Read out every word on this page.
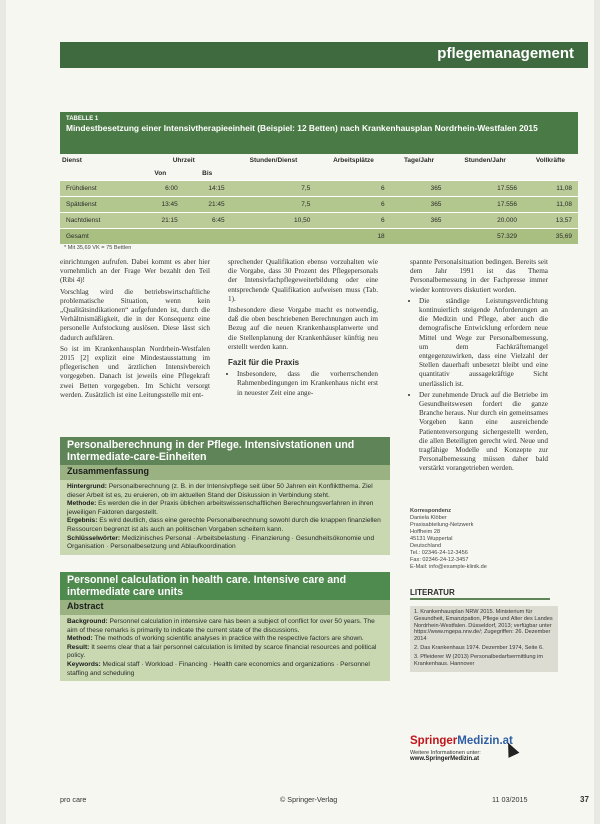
pflegemanagement
TABELLE 1
Mindestbesetzung einer Intensivtherapieeinheit (Beispiel: 12 Betten) nach Krankenhausplan Nordrhein-Westfalen 2015
Dienst	Uhrzeit		Stunden/Dienst	Arbeitsplätze	Tage/Jahr	Stunden/Jahr	Vollkräfte
	Von	Bis					
Frühdienst	6:00	14:15	7,5	6	365	17.556	11,08
Spätdienst	13:45	21:45	7,5	6	365	17.556	11,08
Nachtdienst	21:15	6:45	10,50	6	365	20.000	13,57
Gesamt				18		57.329	35,69
* Mit 35,69 VK = 75 Bettlen

einrichtungen aufrufen. Dabei kommt es aber hier vornehmlich an der Frage Wer bezahlt den Teil (Ribi 4)!

Vorschlag wird die betriebswirtschaftliche problematische Situation, wenn kein „Qualitätsindikationen“ aufgefunden ist, durch die Verhältnismäßigkeit, die in der Konsequenz eine personelle Aufstockung auslösen. Diese lässt sich dadurch aufklären.

So ist im Krankenhausplan Nordrhein-Westfalen 2015 [2] explizit eine Mindestausstattung im pflegerischen und ärztlichen Intensivbereich vorgegeben. Danach ist jeweils eine Pflegekraft zwei Betten vorgegeben. Im Schicht versorgt werden. Zusätzlich ist eine Leitungsstelle mit ent-

sprechender Qualifikation ebenso vorzuhalten wie die Vorgabe, dass 30 Prozent des Pflegepersonals der Intensivfachpflegeweiterbildung oder eine entsprechende Qualifikation aufweisen muss (Tab. 1).

Insbesondere diese Vorgabe macht es notwendig, daß die oben beschriebenen Berechnungen auch im Bezug auf die neuen Krankenhausplanwerte und die Stellenplanung der Krankenhäuser künftig neu erstellt werden kann.

Fazit für die Praxis
• Insbesondere, dass die vorherrschenden Rahmenbedingungen im Krankenhaus nicht erst in neuester Zeit eine ange-

spannte Personalsituation bedingen. Bereits seit dem Jahr 1991 ist das Thema Personalbemessung in der Fachpresse immer wieder kontrovers diskutiert worden.

• Die ständige Leistungsverdichtung kontinuierlich steigende Anforderungen an die Medizin und Pflege, aber auch die demografische Entwicklung erfordern neue Mittel und Wege zur Personalbemessung, um dem Fachkräftemangel entgegenzuwirken, dass eine Vielzahl der Stellen dauerhaft unbesetzt bleibt und eine quantitativ aussagekräftige Sicht unerlässlich ist.
• Der zunehmende Druck auf die Betriebe im Gesundheitswesen fordert die ganze Branche heraus. Nur durch ein gemeinsames Vorgehen kann eine ausreichende Patientenversorgung sichergestellt werden, die allen Beteiligten gerecht wird. Neue und tragfähige Modelle und Konzepte zur Personalbemessung müssen daher bald verstärkt vorangetrieben werden.
Personalberechnung in der Pflege. Intensivstationen und Intermediate-care-Einheiten
Zusammenfassung

Hintergrund: Personalberechnung (z. B. in der Intensivpflege seit über 50 Jahren ein Konfliktthema. Ziel dieser Arbeit ist es, zu eruieren, ob im aktuellen Stand der Diskussion in Verbindung steht.

Methode: Es werden die in der Praxis üblichen arbeitswissenschaftlichen Berechnungsverfahren in ihren jeweiligen Faktoren dargestellt.

Ergebnis: Es wird deutlich, dass eine gerechte Personalberechnung sowohl durch die knappen finanziellen Ressourcen begrenzt ist als auch an politischen Vorgaben scheitern kann.

Schlüsselwörter: Medizinisches Personal · Arbeitsbelastung · Finanzierung · Gesundheitsökonomie und Organisation · Personalbesetzung und Ablaufkoordination

Personnel calculation in health care. Intensive care and intermediate care units
Abstract

Background: Personnel calculation in intensive care has been a subject of conflict for over 50 years. The aim of these remarks is primarily to indicate the current state of the discussions.

Method: The methods of working scientific analyses in practice with the respective factors are shown.

Result: It seems clear that a fair personnel calculation is limited by scarce financial resources and political policy.

Keywords: Medical staff · Workload · Financing · Health care economics and organizations · Personnel staffing and scheduling

Korrespondenz
Daniela Klöber
Praxisabteilung-Netzwerk
Hoffheim 28
45131 Wuppertal
Deutschland
Tel.: 02346-24-12-3456
Fax: 02346-24-12-3457
E-Mail: info@example-klinik.de
LITERATUR

1. Krankenhausplan NRW 2015. Ministerium für Gesundheit, Emanzipation, Pflege und Alter des Landes Nordrhein-Westfalen. Düsseldorf, 2013; verfügbar unter https://www.mgepa.nrw.de/; Zugegriffen: 26. Dezember 2014

2. Das Krankenhaus 1974. Dezember 1974, Seite 6.

3. Pfleiderer W (2013) Personalbedarfsermittlung im Krankenhaus. Hannover

SpringerMedizin.at
Weitere Informationen unter:
www.SpringerMedizin.at
pro care	© Springer-Verlag	11 03/2015	37
